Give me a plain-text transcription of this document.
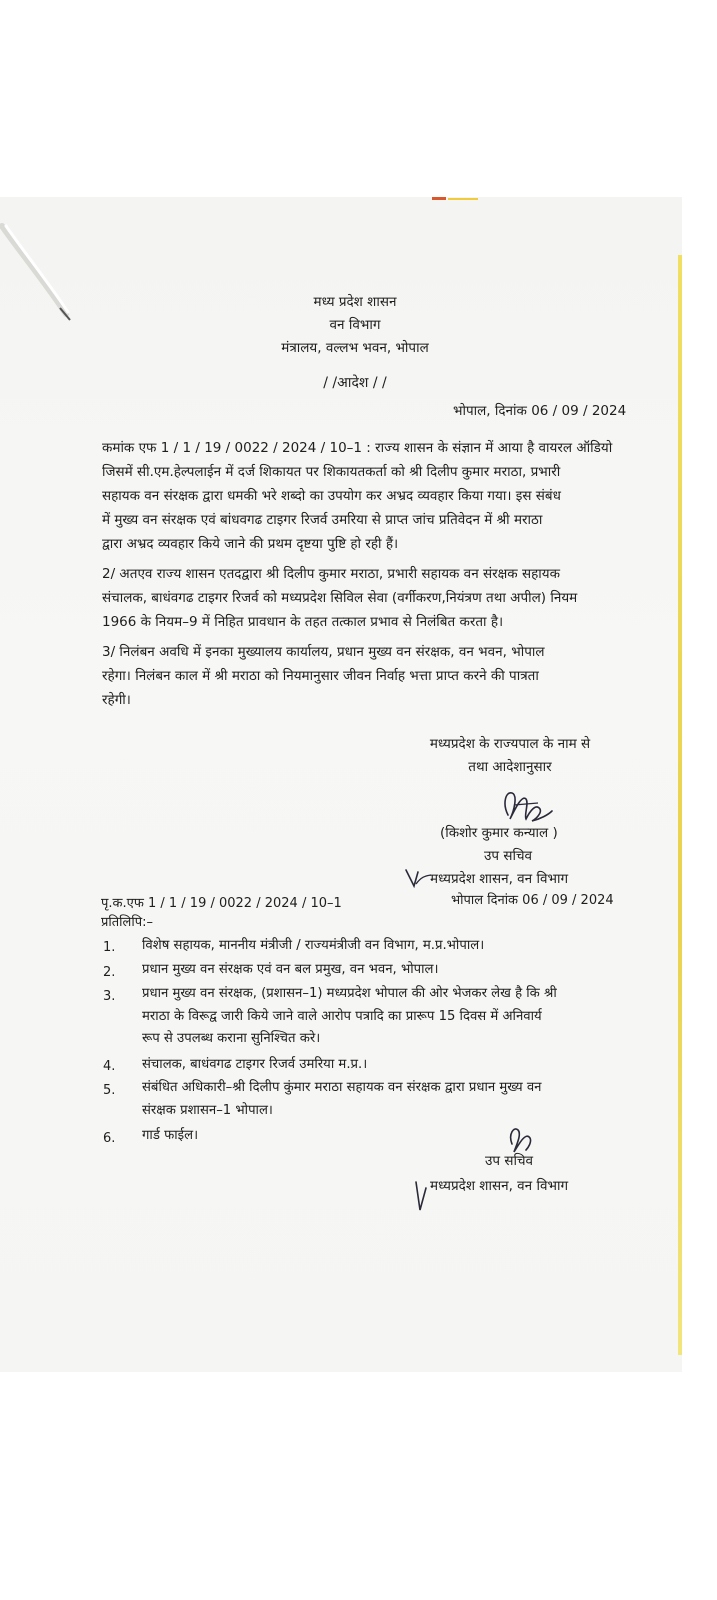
मध्य प्रदेश शासन
वन विभाग
मंत्रालय, वल्लभ भवन, भोपाल
/ /आदेश / /
भोपाल, दिनांक 06 / 09 / 2024
कमांक एफ 1 / 1 / 19 / 0022 / 2024 / 10–1 : राज्य शासन के संज्ञान में आया है वायरल ऑडियो
जिसमें सी.एम.हेल्पलाईन में दर्ज शिकायत पर शिकायतकर्ता को श्री दिलीप कुमार मराठा, प्रभारी
सहायक वन संरक्षक द्वारा धमकी भरे शब्दो का उपयोग कर अभ्रद व्यवहार किया गया। इस संबंध
में मुख्य वन संरक्षक एवं बांधवगढ टाइगर रिजर्व उमरिया से प्राप्त जांच प्रतिवेदन में श्री मराठा
द्वारा अभ्रद व्यवहार किये जाने की प्रथम दृष्टया पुष्टि हो रही हैं।
2/ अतएव राज्य शासन एतदद्वारा श्री दिलीप कुमार मराठा, प्रभारी सहायक वन संरक्षक सहायक
संचालक, बाधंवगढ टाइगर रिजर्व को मध्यप्रदेश सिविल सेवा (वर्गीकरण,नियंत्रण तथा अपील) नियम
1966 के नियम–9 में निहित प्रावधान के तहत तत्काल प्रभाव से निलंबित करता है।
3/ निलंबन अवधि में इनका मुख्यालय कार्यालय, प्रधान मुख्य वन संरक्षक, वन भवन, भोपाल
रहेगा। निलंबन काल में श्री मराठा को नियमानुसार जीवन निर्वाह भत्ता प्राप्त करने की पात्रता
रहेगी।
मध्यप्रदेश के राज्यपाल के नाम से
तथा आदेशानुसार
(किशोर कुमार कन्याल )
उप सचिव
मध्यप्रदेश शासन, वन विभाग
पृ.क.एफ 1 / 1 / 19 / 0022 / 2024 / 10–1	भोपाल दिनांक 06 / 09 / 2024
प्रतिलिपि:–
1. विशेष सहायक, माननीय मंत्रीजी / राज्यमंत्रीजी वन विभाग, म.प्र.भोपाल।
2. प्रधान मुख्य वन संरक्षक एवं वन बल प्रमुख, वन भवन, भोपाल।
3. प्रधान मुख्य वन संरक्षक, (प्रशासन–1) मध्यप्रदेश भोपाल की ओर भेजकर लेख है कि श्री
मराठा के विरूद्व जारी किये जाने वाले आरोप पत्रादि का प्रारूप 15 दिवस में अनिवार्य
रूप से उपलब्ध कराना सुनिश्चित करे।
4. संचालक, बाधंवगढ टाइगर रिजर्व उमरिया म.प्र.।
5. संबंधित अधिकारी–श्री दिलीप कुंमार मराठा सहायक वन संरक्षक द्वारा प्रधान मुख्य वन
संरक्षक प्रशासन–1 भोपाल।
6. गार्ड फाईल।
उप सचिव
मध्यप्रदेश शासन, वन विभाग
